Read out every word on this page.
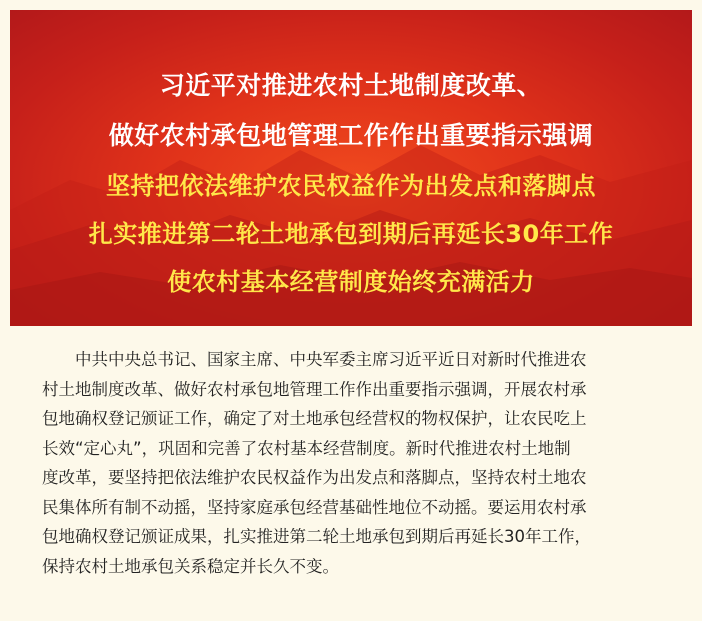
习近平对推进农村土地制度改革、
做好农村承包地管理工作作出重要指示强调
坚持把依法维护农民权益作为出发点和落脚点
扎实推进第二轮土地承包到期后再延长30年工作
使农村基本经营制度始终充满活力
中共中央总书记、国家主席、中央军委主席习近平近日对新时代推进农
村土地制度改革、做好农村承包地管理工作作出重要指示强调，开展农村承
包地确权登记颁证工作，确定了对土地承包经营权的物权保护，让农民吃上
长效“定心丸”，巩固和完善了农村基本经营制度。新时代推进农村土地制
度改革，要坚持把依法维护农民权益作为出发点和落脚点，坚持农村土地农
民集体所有制不动摇，坚持家庭承包经营基础性地位不动摇。要运用农村承
包地确权登记颁证成果，扎实推进第二轮土地承包到期后再延长30年工作，
保持农村土地承包关系稳定并长久不变。
